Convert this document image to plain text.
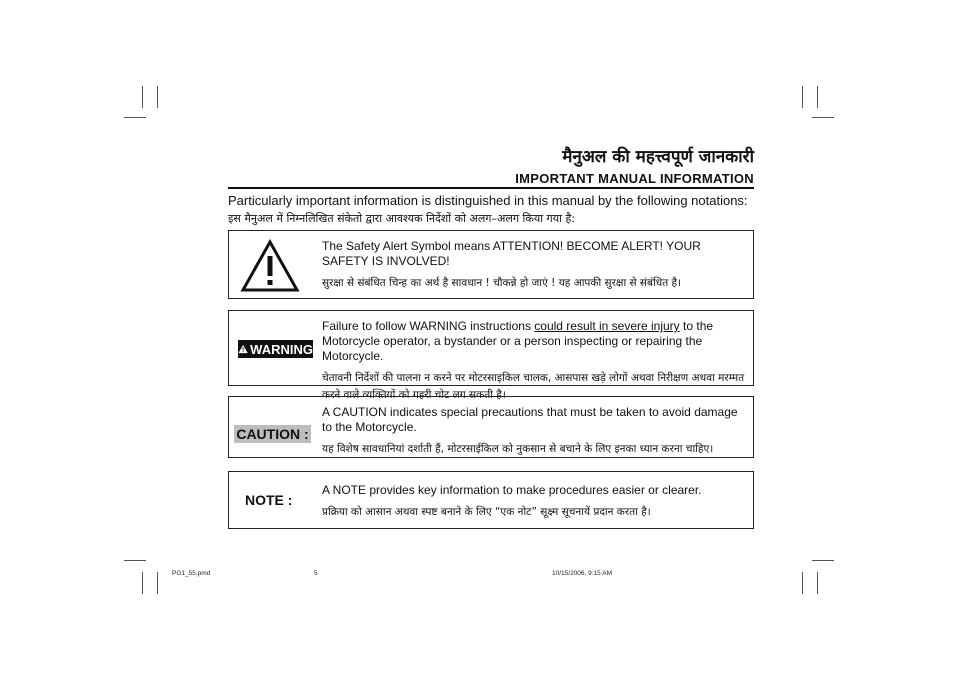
मैनुअल की महत्त्वपूर्ण जानकारी
IMPORTANT MANUAL INFORMATION
Particularly important information is distinguished in this manual by the following notations:
इस मैनुअल में निम्नलिखित संकेतो द्वारा आवश्यक निर्देशों को अलग–अलग किया गया है:
The Safety Alert Symbol means ATTENTION! BECOME ALERT! YOUR SAFETY IS INVOLVED!
सुरक्षा से संबंधित चिन्ह का अर्थ है सावधान ! चौकन्ने हो जाएं ! यह आपकी सुरक्षा से संबंधित है।
WARNING
Failure to follow WARNING instructions could result in severe injury to the Motorcycle operator, a bystander or a person inspecting or repairing the Motorcycle.
चेतावनी निर्देशों की पालना न करने पर मोटरसाइकिल चालक, आसपास खड़े लोगों अथवा निरीक्षण अथवा मरम्मत करने वाले व्यक्तियों को गहरी चोट लग सकती है।
CAUTION :
A CAUTION indicates special precautions that must be taken to avoid damage to the Motorcycle.
यह विशेष सावधानियां दर्शाती हैं, मोटरसाईकिल को नुकसान से बचाने के लिए इनका ध्यान करना चाहिए।
NOTE :
A NOTE provides key information to make procedures easier or clearer.
प्रक्रिया को आसान अथवा स्पष्ट बनाने के लिए “एक नोट” सूक्ष्म सूचनायें प्रदान करता है।
PG1_55.pmd	5	10/15/2006, 9:15 AM
